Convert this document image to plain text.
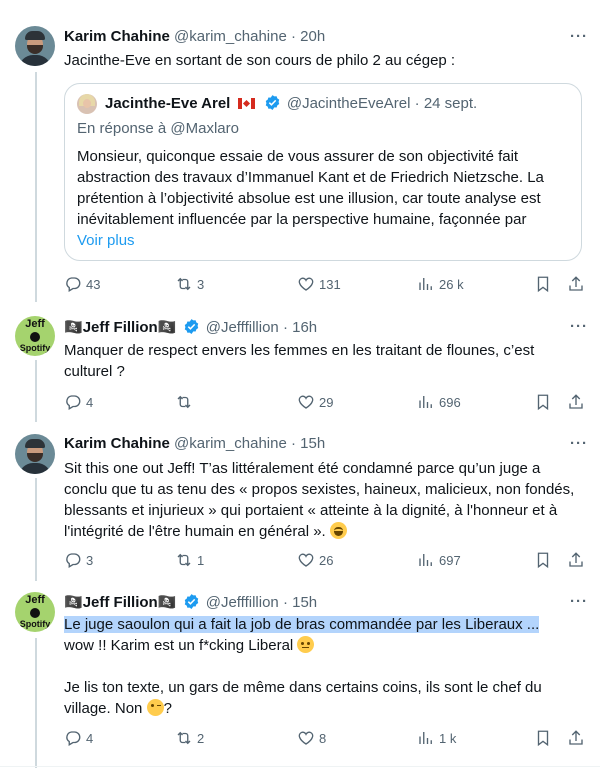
Karim Chahine @karim_chahine · 20h	···

Jacinthe-Eve en sortant de son cours de philo 2 au cégep :

Jacinthe-Eve Arel	@JacintheEveArel · 24 sept.
En réponse à @Maxlaro

Monsieur, quiconque essaie de vous assurer de son objectivité fait abstraction des travaux d’Immanuel Kant et de Friedrich Nietzsche. La prétention à l’objectivité absolue est une illusion, car toute analyse est inévitablement influencée par la perspective humaine, façonnée par

Voir plus

43	3	131	26 k
Jeff
Spotify
🏴‍☠️Jeff Fillion🏴‍☠️ @Jefffillion · 16h	···

Manquer de respect envers les femmes en les traitant de flounes, c’est culturel ?

4	29	696
Karim Chahine @karim_chahine · 15h	···

Sit this one out Jeff! T’as littéralement été condamné parce qu’un juge a conclu que tu as tenu des « propos sexistes, haineux, malicieux, non fondés, blessants et injurieux » qui portaient « atteinte à la dignité, à l'honneur et à l'intégrité de l'être humain en général ».

3	1	26	697
Jeff
Spotify
🏴‍☠️Jeff Fillion🏴‍☠️ @Jefffillion · 15h	···

Le juge saoulon qui a fait la job de bras commandée par les Liberaux ...

wow !! Karim est un f*cking Liberal

Je lis ton texte, un gars de même dans certains coins, ils sont le chef du village. Non ?

4	2	8	1 k
